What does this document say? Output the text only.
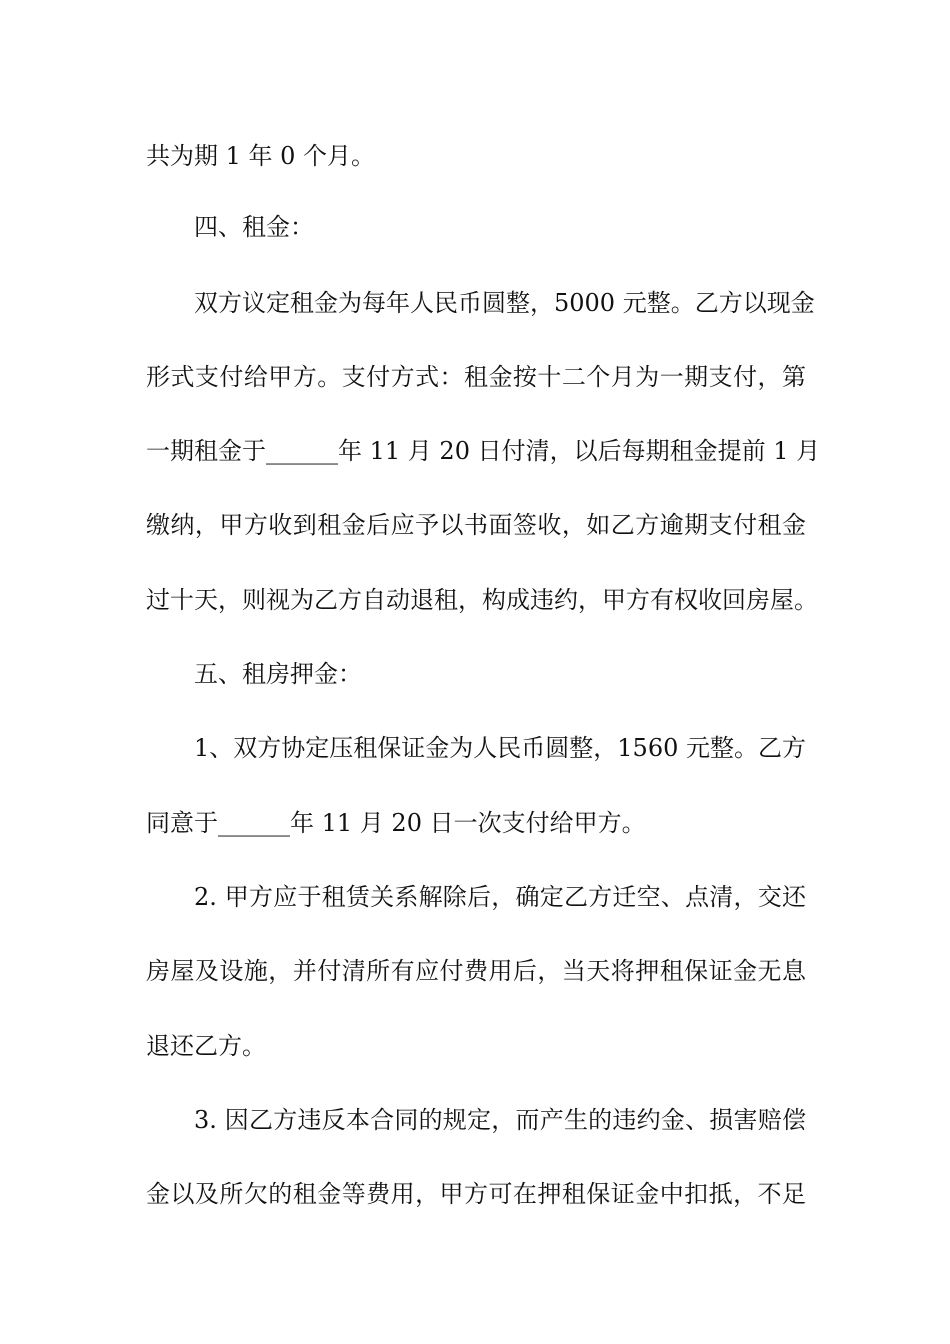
共为期 1 年 0 个月。
四、租金：
双方议定租金为每年人民币圆整，5000 元整。乙方以现金
形式支付给甲方。支付方式：租金按十二个月为一期支付，第
一期租金于______年 11 月 20 日付清，以后每期租金提前 1 月
缴纳，甲方收到租金后应予以书面签收，如乙方逾期支付租金
过十天，则视为乙方自动退租，构成违约，甲方有权收回房屋。
五、租房押金：
1、双方协定压租保证金为人民币圆整，1560 元整。乙方
同意于______年 11 月 20 日一次支付给甲方。
2. 甲方应于租赁关系解除后，确定乙方迁空、点清，交还
房屋及设施，并付清所有应付费用后，当天将押租保证金无息
退还乙方。
3. 因乙方违反本合同的规定，而产生的违约金、损害赔偿
金以及所欠的租金等费用，甲方可在押租保证金中扣抵，不足
